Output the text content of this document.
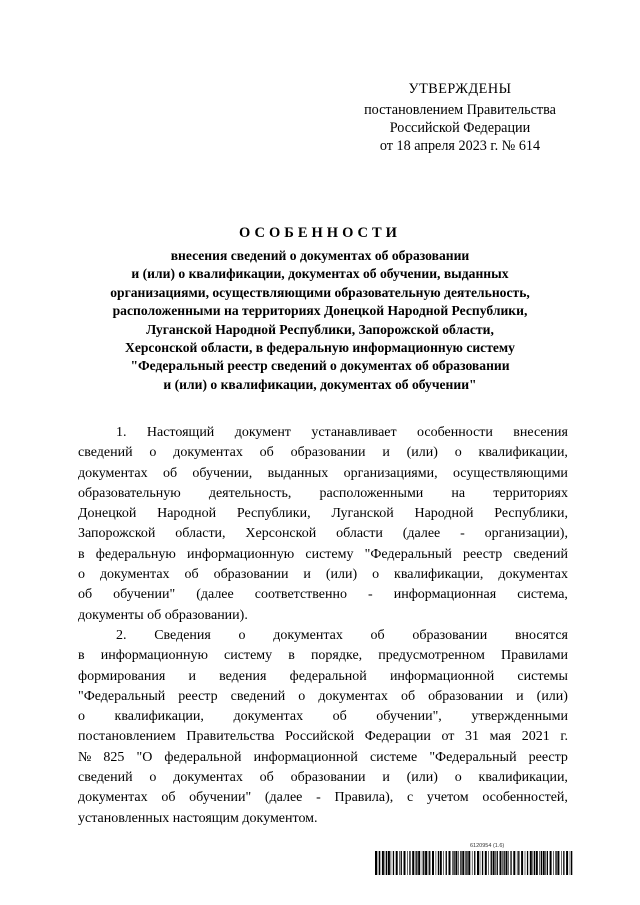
УТВЕРЖДЕНЫ
постановлением Правительства
Российской Федерации
от 18 апреля 2023 г. № 614
ОСОБЕННОСТИ
внесения сведений о документах об образовании
и (или) о квалификации, документах об обучении, выданных
организациями, осуществляющими образовательную деятельность,
расположенными на территориях Донецкой Народной Республики,
Луганской Народной Республики, Запорожской области,
Херсонской области, в федеральную информационную систему
"Федеральный реестр сведений о документах об образовании
и (или) о квалификации, документах об обучении"
1. Настоящий документ устанавливает особенности внесения
сведений о документах об образовании и (или) о квалификации,
документах об обучении, выданных организациями, осуществляющими
образовательную деятельность, расположенными на территориях
Донецкой Народной Республики, Луганской Народной Республики,
Запорожской области, Херсонской области (далее - организации),
в федеральную информационную систему "Федеральный реестр сведений
о документах об образовании и (или) о квалификации, документах
об обучении" (далее соответственно - информационная система,
документы об образовании).
2. Сведения о документах об образовании вносятся
в информационную систему в порядке, предусмотренном Правилами
формирования и ведения федеральной информационной системы
"Федеральный реестр сведений о документах об образовании и (или)
о квалификации, документах об обучении", утвержденными
постановлением Правительства Российской Федерации от 31 мая 2021 г.
№ 825 "О федеральной информационной системе "Федеральный реестр
сведений о документах об образовании и (или) о квалификации,
документах об обучении" (далее - Правила), с учетом особенностей,
установленных настоящим документом.
6120954 (1.6)
